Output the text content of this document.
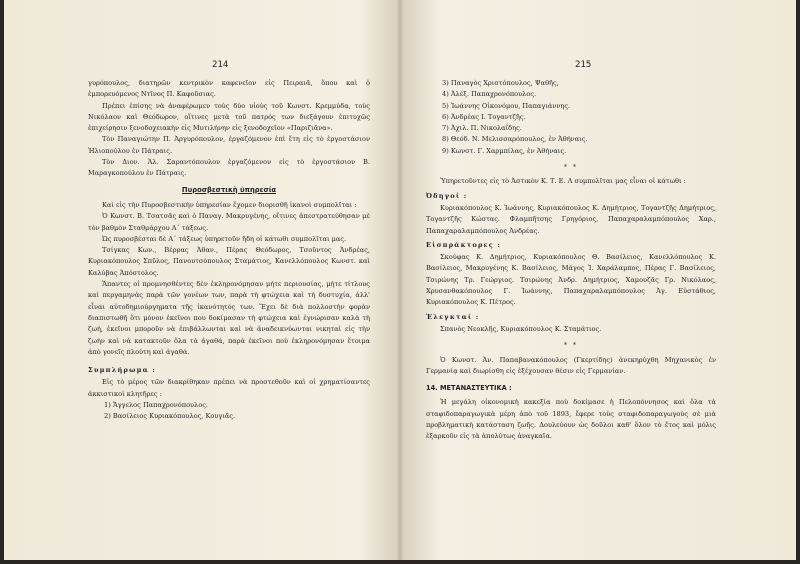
214

γυρόπουλος, διατηρῶν κεντρικὸν καφενεῖον εἰς Πειραιᾶ, ὅπου καὶ ὁ ἐμπορευόμενος Ντῖνος Π. Καφοῦσιας.

Πρέπει ἐπίσης νὰ ἀναφέρωμεν τοὺς δύο υἱοὺς τοῦ Κωνστ. Κρεμμύδα, τοὺς Νικόλαον καὶ Θεόδωρον, οἵτινες μετὰ τοῦ πατρός των διεξάγουν ἐπιτυχῶς ἐπιχείρησιν ξενοδοχειακὴν εἰς Μυτιλήνην εἰς ξενοδοχεῖον «Παριζιᾶνα».

Τὸν Παναγιώτην Π. Ἀργυρόπουλον, ἐργαζόμενον ἐπὶ ἔτη εἰς τὸ ἐργοστάσιον Ἡλιοπούλου ἐν Πάτραις.

Τὸν Διον. Ἀλ. Σαραντόπουλον ἐργαζόμενον εἰς τὸ ἐργοστάσιον Β. Μαραγκοπούλου ἐν Πάτραις.

Πυροσβεστικὴ ὑπηρεσία

Καὶ εἰς τὴν Πυροσβεστικὴν ὑπηρεσίαν ἔχομεν διορισθῆ ἱκανοὶ συμπολῖται :

Ὁ Κωνστ. Β. Τσατσᾶς καὶ ὁ Παναγ. Μακρυγένης, οἵτινες ἀπεστρατεύθησαν μὲ τὸν βαθμὸν Σταθμάρχου Α΄ τάξεως.

Ὡς πυροσβέσται δὲ Α΄ τάξεως ὑπηρετοῦν ἤδη οἱ κάτωθι συμπολῖται μας.

Τσίγκας Κων., Βέρρας Ἀθαν., Πέρας Θεόδωρος, Τσοῦντος Ἀνδρέας, Κυριακόπουλος Σπῦλος, Πανουτσόπουλος Σταμάτιος, Κανελλόπουλος Κωνστ. καὶ Καλύβας Ἀπόστολος.

Ἅπαντες οἱ προμνησθέντες δὲν ἐκληρονόμησαν μήτε περιουσίας, μήτε τίτλους καὶ περγαμηνὰς παρὰ τῶν γονέων των, παρὰ τὴ φτώχεια καὶ τὴ δυστυχία, ἀλλ' εἶναι αὐτοδημιούργηματα τῆς ἱκανότητός των. Ἔχει δὲ διὰ πολλοστὴν φορὰν διαπιστωθῆ ὅτι μόνον ἐκεῖνοι που δοκίμασαν τὴ φτώχεια καὶ ἐγνώρισαν καλὰ τὴ ζωή, ἐκεῖνοι μποροῦν νὰ ἐπιβάλλωνται καὶ νὰ ἀναδεικνύωνται νικηταὶ εἰς τὴν ζωὴν καὶ νὰ κατακτοῦν ὅλα τὰ ἀγαθά, παρὰ ἐκεῖνοι ποὺ ἐκληρονόμησαν ἕτοιμα ἀπὸ γονεῖς πλούτη καὶ ἀγαθά.

Συμπλήρωμα :

Εἰς τὸ μέρος τῶν διακρίθηκαν πρέπει νὰ προστεθοῦν καὶ οἱ χρηματίσαντες ἀκκιστικοὶ κλητῆρες :

1) Ἄγγελος Παπαχρονόπουλος.
2) Βασίλειος Κυριακόπουλος, Κουγιᾶς.
215
3) Παναγὸς Χριστόπουλος, Ψαθῆς,
4) Ἀλέξ. Παπαχρονόπουλος.
5) Ἰωάννης Οἰκονόμου, Παπαγιάννης.
6) Ἀνδρέας Ι. Τογαντζῆς.
7) Ἀχιλ. Π. Νικολαΐδης.
8) Θεόδ. Ν. Μελισσαρόπουλος, ἐν Ἀθήναις.
9) Κωνστ. Γ. Χαρμπίλας, ἐν Ἀθήναις.
* *

Ὑπηρετοῦντες εἰς τὸ Ἀστικὸν Κ. Τ. Ε. Λ συμπολῖται μας εἶναι οἱ κάτωθι :

Ὀδηγοί :

Κυριακόπουλος Κ. Ἰωάννης, Κυριακόπουλος Κ. Δημήτριος, Τογαντζῆς Δημήτριος, Τογαντζῆς Κώστας. Φλαμπῆτσης Γρηγόριος, Παπαχαραλαμπόπουλος Χαρ., Παπαχαραλαμπόπουλος Ἀνδρέας.

Εἰσπράκτορες :

Σκούφας Κ. Δημήτριος, Κυριακόπουλος Θ. Βασίλειος, Κανελλόπουλος Κ. Βασίλειος, Μακρυγένης Κ. Βασίλειος, Μάγος Ἰ. Χαράλαμπος, Πέρας Γ. Βασίλειος, Τσιρώνης Τρ. Γεώργιος. Τσιρώνης Ἀνδρ. Δημήτριος, Χαμουζᾶς Γρ. Νικόλαος, Χρυσανθακόπουλος Γ. Ἰωάννης, Παπαχαραλαμπόπουλος Ἀγ. Εὐστάθιος, Κυριακόπουλος Κ. Πέτρος.

Ἐλεγκταί :

Σπανὸς Νεοκλῆς, Κυριακόπουλος Κ. Σταμάτιος.

* *

Ὁ Κωνστ. Ἀν. Παπαβανακόπουλος (Γκερτίδης) ἀνεκηρύχθη Μηχανικὸς ἐν Γερμανίᾳ καὶ διωρίσθη εἰς ἐξέχουσαν θέσιν εἰς Γερμανίαν.

14. ΜΕΤΑΝΑΣΤΕΥΤΙΚΑ :

Ἡ μεγάλη οἰκονομικὴ κακεξία ποὺ δοκίμασε ἡ Πελοπόννησος καὶ ὅλα τὰ σταφιδοπαραγωγικὰ μέρη ἀπὸ τοῦ 1893, ἔφερε τοὺς σταφιδοπαραγωγοὺς σὲ μιὰ προβληματικὴ κατάσταση ζωῆς. Δουλεύουν ὡς δοῦλοι καθ' ὅλον τὸ ἔτος καὶ μόλις ἐξαρκοῦν εἰς τὰ ἀπολύτως ἀναγκαῖα.
